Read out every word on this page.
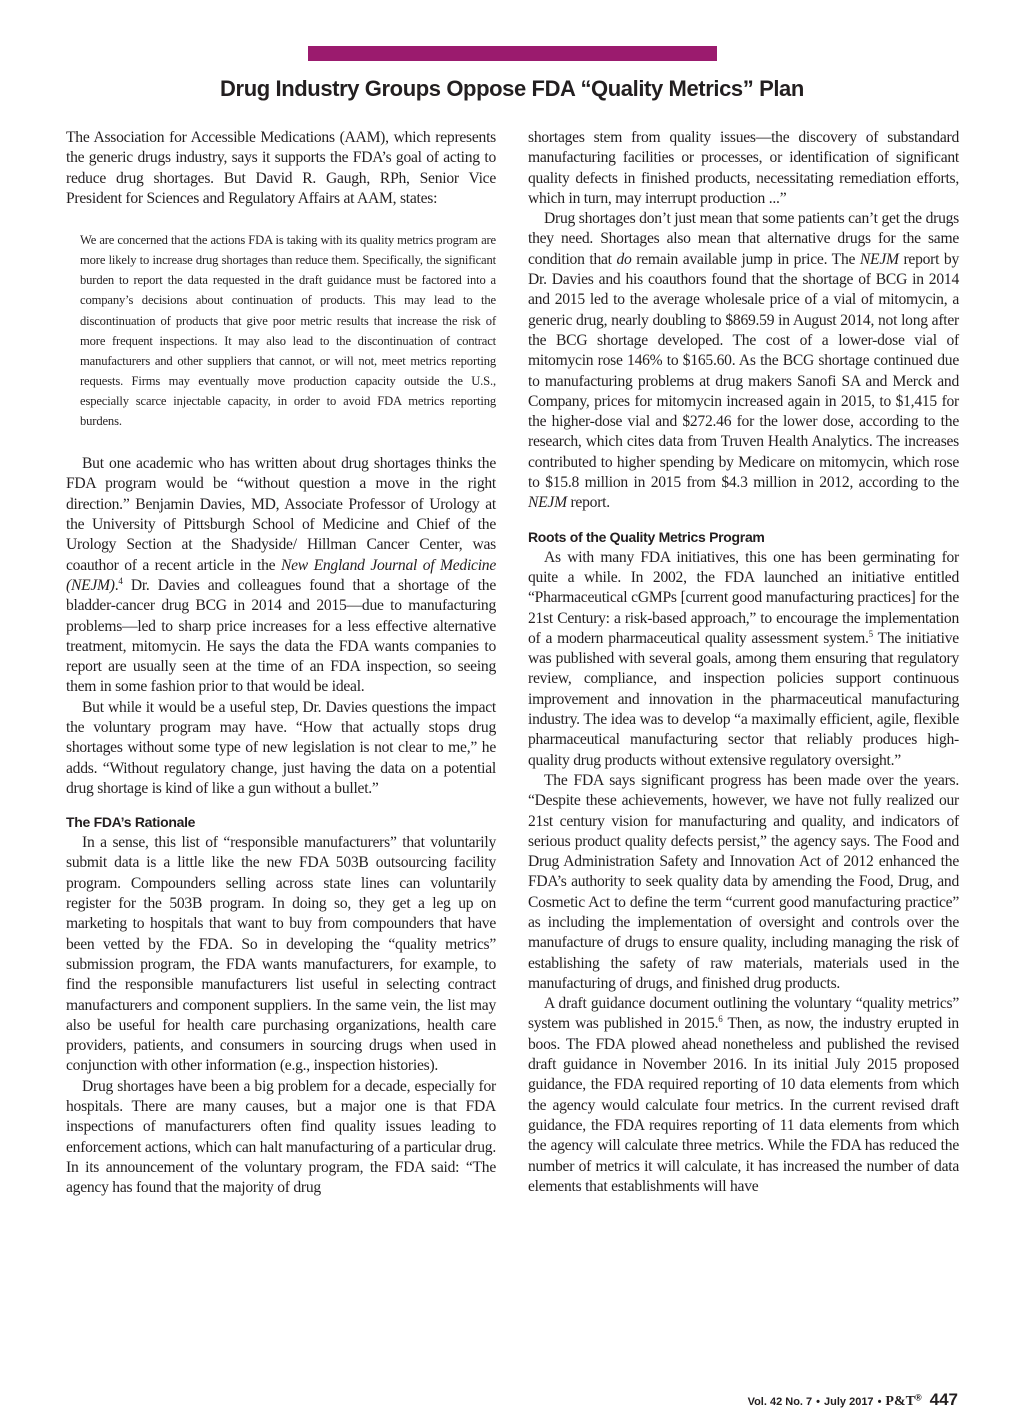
Drug Industry Groups Oppose FDA “Quality Metrics” Plan

The Association for Accessible Medications (AAM), which represents the generic drugs industry, says it supports the FDA’s goal of acting to reduce drug shortages. But David R. Gaugh, RPh, Senior Vice President for Sciences and Regulatory Affairs at AAM, states:

We are concerned that the actions FDA is taking with its quality metrics program are more likely to increase drug shortages than reduce them. Specifically, the significant burden to report the data requested in the draft guidance must be factored into a company’s decisions about continuation of products. This may lead to the discontinuation of products that give poor metric results that increase the risk of more frequent inspections. It may also lead to the discontinuation of contract manufacturers and other suppliers that cannot, or will not, meet metrics reporting requests. Firms may eventually move production capacity outside the U.S., especially scarce injectable capacity, in order to avoid FDA metrics reporting burdens.

But one academic who has written about drug shortages thinks the FDA program would be “without question a move in the right direction.” Benjamin Davies, MD, Associate Professor of Urology at the University of Pittsburgh School of Medicine and Chief of the Urology Section at the Shadyside/ Hillman Cancer Center, was coauthor of a recent article in the New England Journal of Medicine (NEJM).$^4$ Dr. Davies and colleagues found that a shortage of the bladder-cancer drug BCG in 2014 and 2015—due to manufacturing problems—led to sharp price increases for a less effective alternative treatment, mitomycin. He says the data the FDA wants companies to report are usually seen at the time of an FDA inspection, so seeing them in some fashion prior to that would be ideal.

But while it would be a useful step, Dr. Davies questions the impact the voluntary program may have. “How that actually stops drug shortages without some type of new legislation is not clear to me,” he adds. “Without regulatory change, just having the data on a potential drug shortage is kind of like a gun without a bullet.”

The FDA’s Rationale

In a sense, this list of “responsible manufacturers” that voluntarily submit data is a little like the new FDA 503B outsourcing facility program. Compounders selling across state lines can voluntarily register for the 503B program. In doing so, they get a leg up on marketing to hospitals that want to buy from compounders that have been vetted by the FDA. So in developing the “quality metrics” submission program, the FDA wants manufacturers, for example, to find the responsible manufacturers list useful in selecting contract manufacturers and component suppliers. In the same vein, the list may also be useful for health care purchasing organizations, health care providers, patients, and consumers in sourcing drugs when used in conjunction with other information (e.g., inspection histories).

Drug shortages have been a big problem for a decade, especially for hospitals. There are many causes, but a major one is that FDA inspections of manufacturers often find quality issues leading to enforcement actions, which can halt manufacturing of a particular drug. In its announcement of the voluntary program, the FDA said: “The agency has found that the majority of drug

shortages stem from quality issues—the discovery of substandard manufacturing facilities or processes, or identification of significant quality defects in finished products, necessitating remediation efforts, which in turn, may interrupt production ...”

Drug shortages don’t just mean that some patients can’t get the drugs they need. Shortages also mean that alternative drugs for the same condition that do remain available jump in price. The NEJM report by Dr. Davies and his coauthors found that the shortage of BCG in 2014 and 2015 led to the average wholesale price of a vial of mitomycin, a generic drug, nearly doubling to $869.59 in August 2014, not long after the BCG shortage developed. The cost of a lower-dose vial of mitomycin rose 146% to $165.60. As the BCG shortage continued due to manufacturing problems at drug makers Sanofi SA and Merck and Company, prices for mitomycin increased again in 2015, to $1,415 for the higher-dose vial and $272.46 for the lower dose, according to the research, which cites data from Truven Health Analytics. The increases contributed to higher spending by Medicare on mitomycin, which rose to $15.8 million in 2015 from $4.3 million in 2012, according to the NEJM report.

Roots of the Quality Metrics Program

As with many FDA initiatives, this one has been germinating for quite a while. In 2002, the FDA launched an initiative entitled “Pharmaceutical cGMPs [current good manufacturing practices] for the 21st Century: a risk-based approach,” to encourage the implementation of a modern pharmaceutical quality assessment system.$^5$ The initiative was published with several goals, among them ensuring that regulatory review, compliance, and inspection policies support continuous improvement and innovation in the pharmaceutical manufacturing industry. The idea was to develop “a maximally efficient, agile, flexible pharmaceutical manufacturing sector that reliably produces high-quality drug products without extensive regulatory oversight.”

The FDA says significant progress has been made over the years. “Despite these achievements, however, we have not fully realized our 21st century vision for manufacturing and quality, and indicators of serious product quality defects persist,” the agency says. The Food and Drug Administration Safety and Innovation Act of 2012 enhanced the FDA’s authority to seek quality data by amending the Food, Drug, and Cosmetic Act to define the term “current good manufacturing practice” as including the implementation of oversight and controls over the manufacture of drugs to ensure quality, including managing the risk of establishing the safety of raw materials, materials used in the manufacturing of drugs, and finished drug products.

A draft guidance document outlining the voluntary “quality metrics” system was published in 2015.$^6$ Then, as now, the industry erupted in boos. The FDA plowed ahead nonetheless and published the revised draft guidance in November 2016. In its initial July 2015 proposed guidance, the FDA required reporting of 10 data elements from which the agency would calculate four metrics. In the current revised draft guidance, the FDA requires reporting of 11 data elements from which the agency will calculate three metrics. While the FDA has reduced the number of metrics it will calculate, it has increased the number of data elements that establishments will have

Vol. 42 No. 7 • July 2017 • P&T® 447
